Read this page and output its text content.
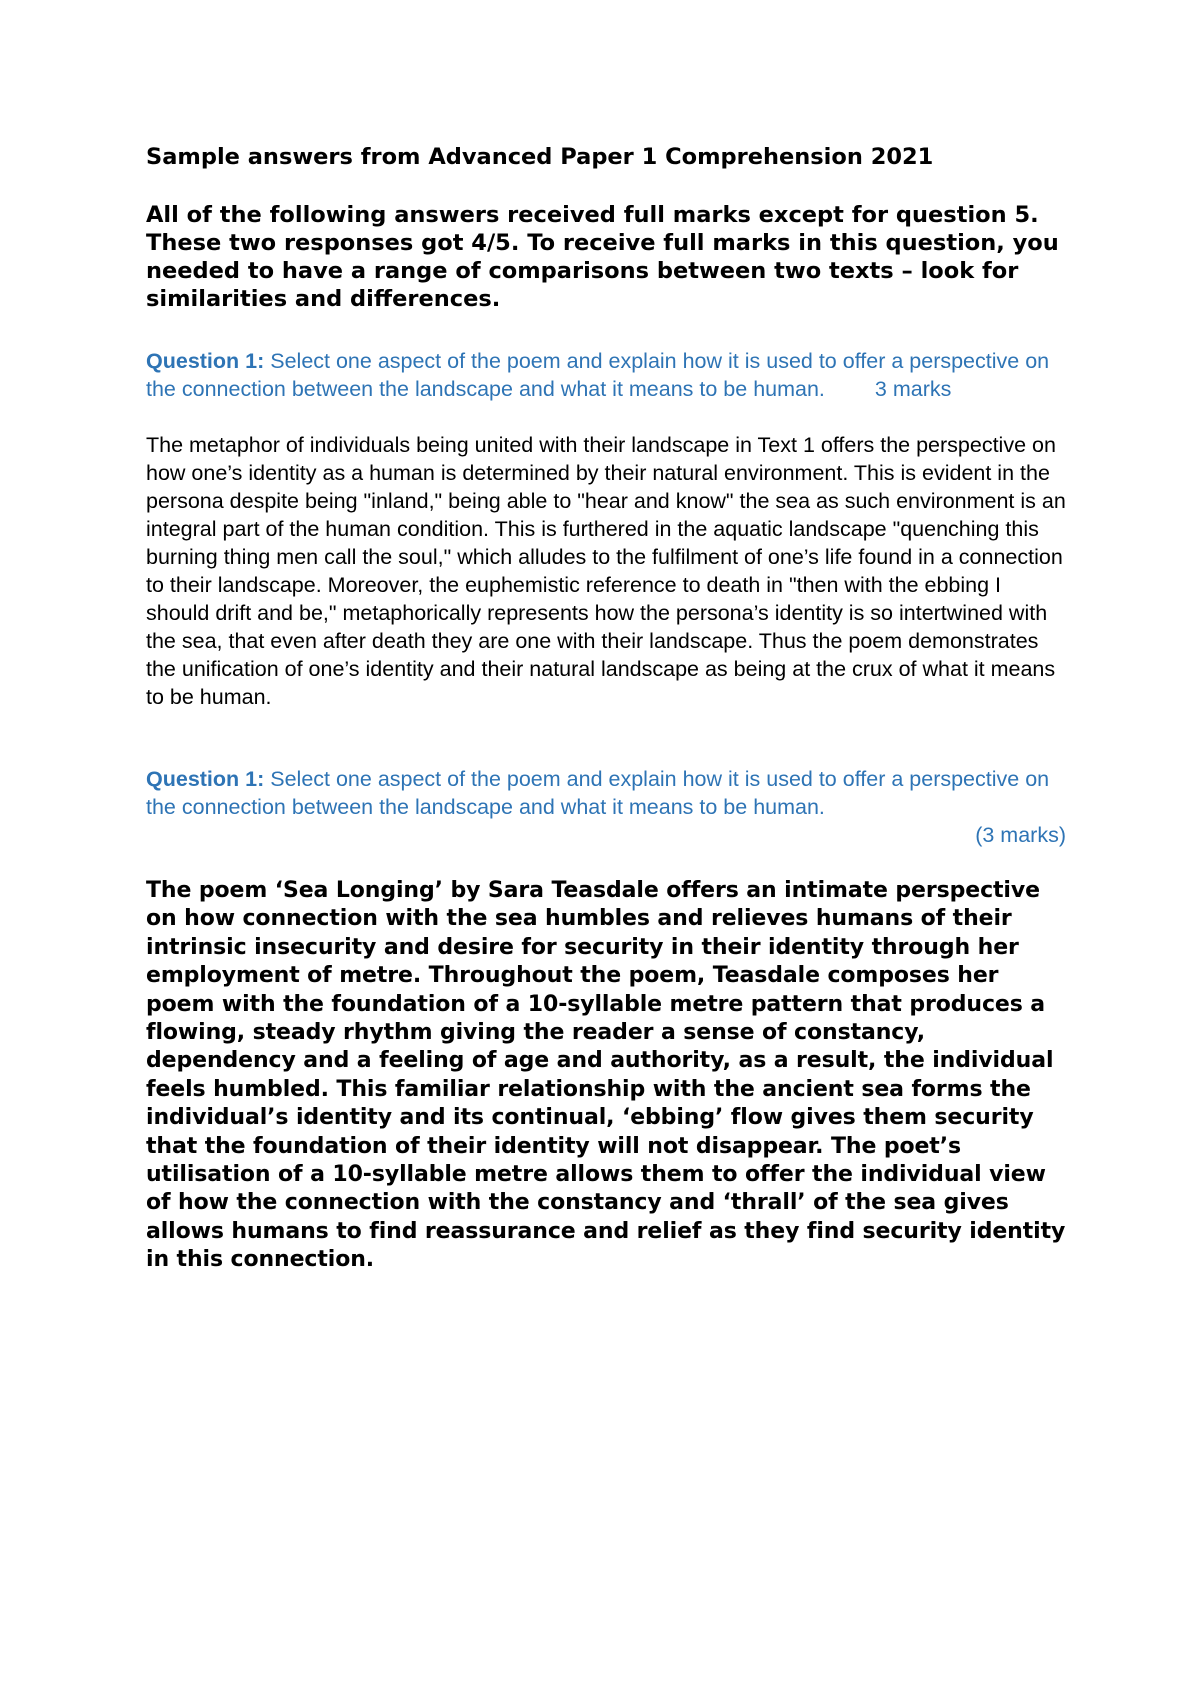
Sample answers from Advanced Paper 1 Comprehension 2021

All of the following answers received full marks except for question 5. These two responses got 4/5. To receive full marks in this question, you needed to have a range of comparisons between two texts – look for similarities and differences.

Question 1: Select one aspect of the poem and explain how it is used to offer a perspective on the connection between the landscape and what it means to be human. 3 marks

The metaphor of individuals being united with their landscape in Text 1 offers the perspective on how one’s identity as a human is determined by their natural environment. This is evident in the persona despite being "inland," being able to "hear and know" the sea as such environment is an integral part of the human condition. This is furthered in the aquatic landscape "quenching this burning thing men call the soul," which alludes to the fulfilment of one’s life found in a connection to their landscape. Moreover, the euphemistic reference to death in "then with the ebbing I should drift and be," metaphorically represents how the persona’s identity is so intertwined with the sea, that even after death they are one with their landscape. Thus the poem demonstrates the unification of one’s identity and their natural landscape as being at the crux of what it means to be human.

Question 1: Select one aspect of the poem and explain how it is used to offer a perspective on the connection between the landscape and what it means to be human.

(3 marks)

The poem ‘Sea Longing’ by Sara Teasdale offers an intimate perspective on how connection with the sea humbles and relieves humans of their intrinsic insecurity and desire for security in their identity through her employment of metre. Throughout the poem, Teasdale composes her poem with the foundation of a 10-syllable metre pattern that produces a flowing, steady rhythm giving the reader a sense of constancy, dependency and a feeling of age and authority, as a result, the individual feels humbled. This familiar relationship with the ancient sea forms the individual’s identity and its continual, ‘ebbing’ flow gives them security that the foundation of their identity will not disappear. The poet’s utilisation of a 10-syllable metre allows them to offer the individual view of how the connection with the constancy and ‘thrall’ of the sea gives allows humans to find reassurance and relief as they find security identity in this connection.
